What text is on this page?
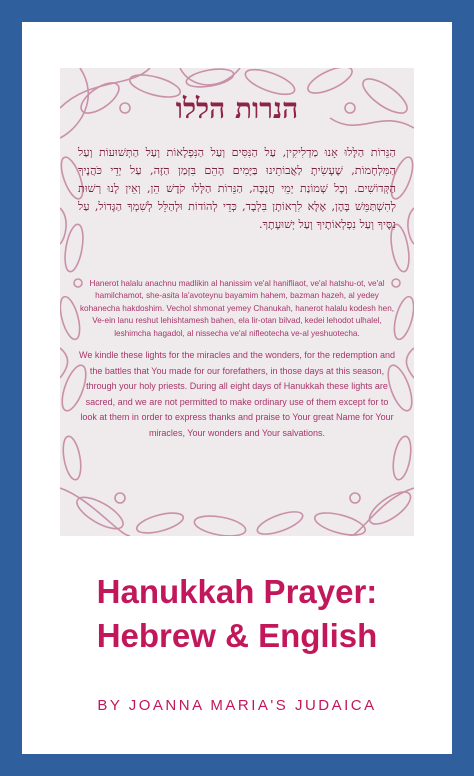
הנרות הללו

הַנֵּרוֹת הַלָּלוּ אָנוּ מַדְלִיקִין, עַל הַנִּסִּים וְעַל הַנִּפְלָאוֹת וְעַל הַתְּשׁוּעוֹת וְעַל הַמִּלְחָמוֹת, שֶׁעָשִׂיתָ לַאֲבוֹתֵינוּ בַּיָּמִים הָהֵם בִּזְּמַן הַזֶּה, עַל יְדֵי כֹּהֲנֶיךָ הַקְּדוֹשִׁים. וְכָל שְׁמוֹנַת יְמֵי חֲנֻכָּה, הַנֵּרוֹת הַלָּלוּ קֹדֶשׁ הֵן, וְאֵין לָנוּ רְשׁוּת לְהִשְׁתַּמֵּשׁ בָּהֶן, אֶלָּא לִרְאוֹתָן בִּלְבָד, כְּדֵי לְהוֹדוֹת וּלְהַלֵּל לְשִׁמְךָ הַגָּדוֹל, עַל נִסֶּיךָ וְעַל נִפְלְאוֹתֶיךָ וְעַל יְשׁוּעָתֶךָ.

Hanerot halalu anachnu madlikin al hanissim ve'al hanifliaot, ve'al hatshu-ot, ve'al hamilchamot, she-asita la'avoteynu bayamim hahem, bazman hazeh, al yedey kohanecha hakdoshim. Vechol shmonat yemey Chanukah, hanerot halalu kodesh hen, Ve-ein lanu reshut lehishtamesh bahen, ela lir-otan bilvad, kedei lehodot ulhalel, leshimcha hagadol, al nissecha ve'al nifleotecha ve-al yeshuotecha.

We kindle these lights for the miracles and the wonders, for the redemption and the battles that You made for our forefathers, in those days at this season, through your holy priests. During all eight days of Hanukkah these lights are sacred, and we are not permitted to make ordinary use of them except for to look at them in order to express thanks and praise to Your great Name for Your miracles, Your wonders and Your salvations.

Hanukkah Prayer:
Hebrew & English

BY JOANNA MARIA'S JUDAICA
